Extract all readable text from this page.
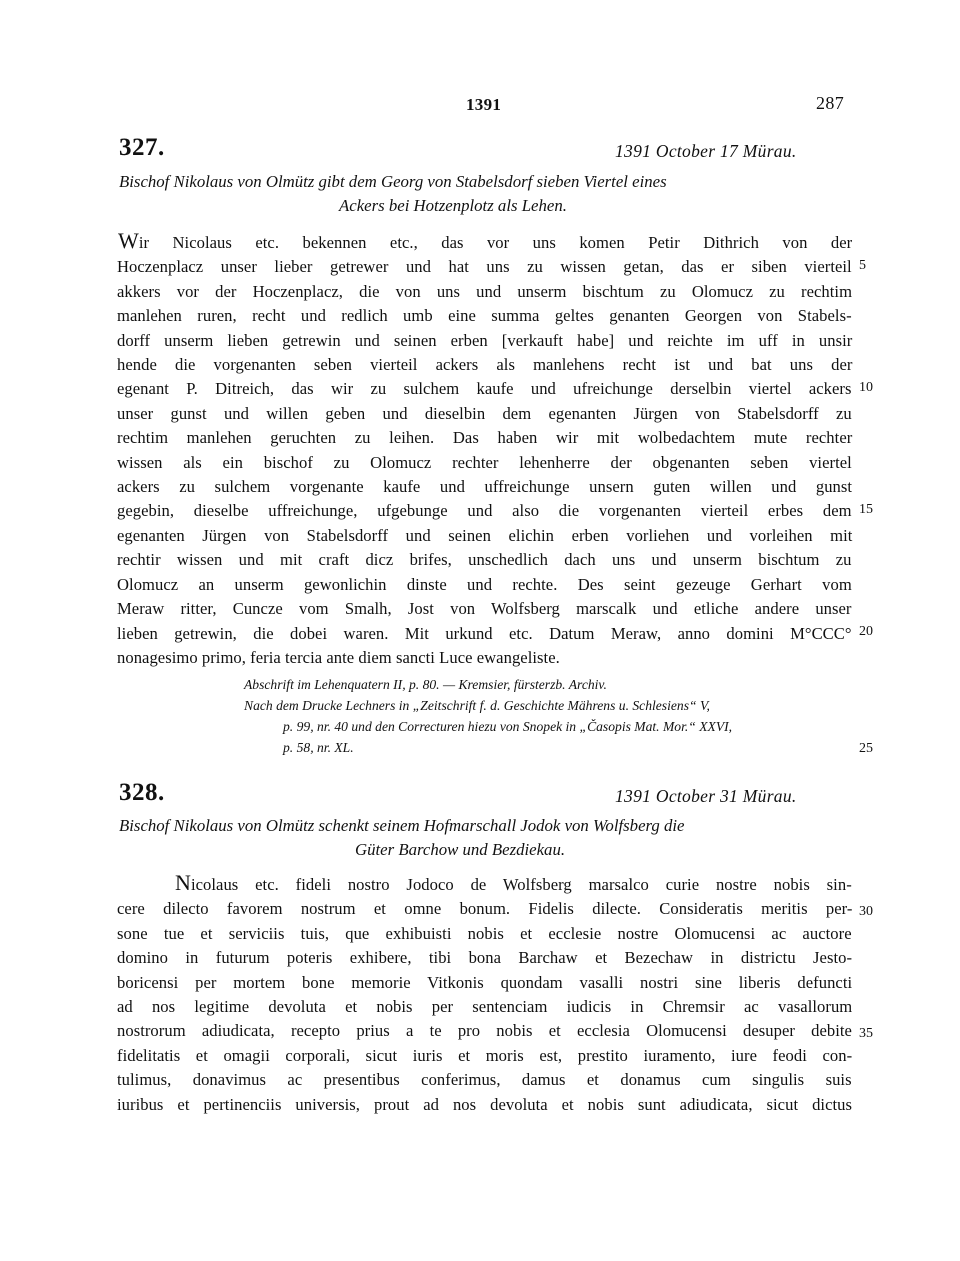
1391	287
327.	1391 October 17 Mürau.
Bischof Nikolaus von Olmütz gibt dem Georg von Stabelsdorf sieben Viertel eines
Ackers bei Hotzenplotz als Lehen.
Wir Nicolaus etc. bekennen etc., das vor uns komen Petir Dithrich von der
Hoczenplacz unser lieber getrewer und hat uns zu wissen getan, das er siben vierteil
akkers vor der Hoczenplacz, die von uns und unserm bischtum zu Olomucz zu rechtim
manlehen ruren, recht und redlich umb eine summa geltes genanten Georgen von Stabels-
dorff unserm lieben getrewin und seinen erben [verkauft habe] und reichte im uff in unsir
hende die vorgenanten seben vierteil ackers als manlehens recht ist und bat uns der
egenant P. Ditreich, das wir zu sulchem kaufe und ufreichunge derselbin viertel ackers
unser gunst und willen geben und dieselbin dem egenanten Jürgen von Stabelsdorff zu
rechtim manlehen geruchten zu leihen. Das haben wir mit wolbedachtem mute rechter
wissen als ein bischof zu Olomucz rechter lehenherre der obgenanten seben viertel
ackers zu sulchem vorgenante kaufe und uffreichunge unsern guten willen und gunst
gegebin, dieselbe uffreichunge, ufgebunge und also die vorgenanten vierteil erbes dem
egenanten Jürgen von Stabelsdorff und seinen elichin erben vorliehen und vorleihen mit
rechtir wissen und mit craft dicz brifes, unschedlich dach uns und unserm bischtum zu
Olomucz an unserm gewonlichin dinste und rechte. Des seint gezeuge Gerhart vom
Meraw ritter, Cuncze vom Smalh, Jost von Wolfsberg marscalk und etliche andere unser
lieben getrewin, die dobei waren. Mit urkund etc. Datum Meraw, anno domini M°CCC°
nonagesimo primo, feria tercia ante diem sancti Luce ewangeliste.
5
10
15
20
25
Abschrift im Lehenquatern II, p. 80. — Kremsier, fürsterzb. Archiv.
Nach dem Drucke Lechners in „Zeitschrift f. d. Geschichte Mährens u. Schlesiens“ V,
p. 99, nr. 40 und den Correcturen hiezu von Snopek in „Časopis Mat. Mor.“ XXVI,
p. 58, nr. XL.
328.	1391 October 31 Mürau.
Bischof Nikolaus von Olmütz schenkt seinem Hofmarschall Jodok von Wolfsberg die
Güter Barchow und Bezdiekau.
Nicolaus etc. fideli nostro Jodoco de Wolfsberg marsalco curie nostre nobis sin-
cere dilecto favorem nostrum et omne bonum. Fidelis dilecte. Consideratis meritis per-
sone tue et serviciis tuis, que exhibuisti nobis et ecclesie nostre Olomucensi ac auctore
domino in futurum poteris exhibere, tibi bona Barchaw et Bezechaw in districtu Jesto-
boricensi per mortem bone memorie Vitkonis quondam vasalli nostri sine liberis defuncti
ad nos legitime devoluta et nobis per sentenciam iudicis in Chremsir ac vasallorum
nostrorum adiudicata, recepto prius a te pro nobis et ecclesia Olomucensi desuper debite
fidelitatis et omagii corporali, sicut iuris et moris est, prestito iuramento, iure feodi con-
tulimus, donavimus ac presentibus conferimus, damus et donamus cum singulis suis
iuribus et pertinenciis universis, prout ad nos devoluta et nobis sunt adiudicata, sicut dictus
30
35
